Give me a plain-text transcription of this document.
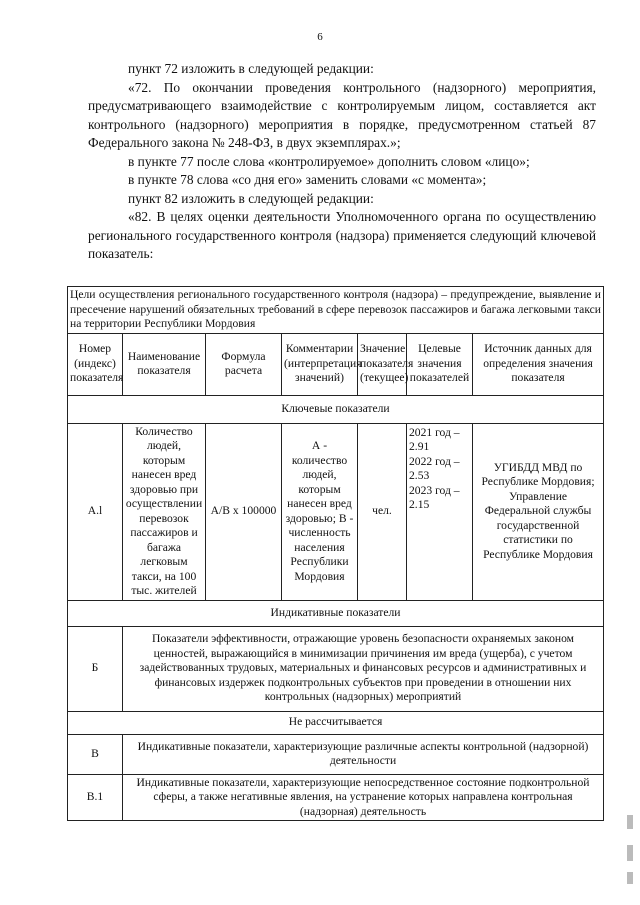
6

пункт 72 изложить в следующей редакции:

«72. По окончании проведения контрольного (надзорного) мероприятия, предусматривающего взаимодействие с контролируемым лицом, составляется акт контрольного (надзорного) мероприятия в порядке, предусмотренном статьей 87 Федерального закона № 248-ФЗ, в двух экземплярах.»;

в пункте 77 после слова «контролируемое» дополнить словом «лицо»;

в пункте 78 слова «со дня его» заменить словами «с момента»;

пункт 82 изложить в следующей редакции:

«82. В целях оценки деятельности Уполномоченного органа по осуществлению регионального государственного контроля (надзора) применяется следующий ключевой показатель:

Цели осуществления регионального государственного контроля (надзора) – предупреждение, выявление и пресечение нарушений обязательных требований в сфере перевозок пассажиров и багажа легковыми такси на территории Республики Мордовия						
Номер (индекс) показателя	Наименование показателя	Формула расчета	Комментарии (интерпретация значений)	Значение показателя (текущее)	Целевые значения показателей	Источник данных для определения значения показателя
Ключевые показатели						
А.l	Количество людей, которым нанесен вред здоровью при осуществлении перевозок пассажиров и багажа легковым такси, на 100 тыс. жителей	А/В х 100000	А - количество людей, которым нанесен вред здоровью; В - численность населения Республики Мордовия	чел.	2021 год – 2.91
2022 год – 2.53
2023 год – 2.15	УГИБДД МВД по Республике Мордовия; Управление Федеральной службы государственной статистики по Республике Мордовия
Индикативные показатели						
Б	Показатели эффективности, отражающие уровень безопасности охраняемых законом ценностей, выражающийся в минимизации причинения им вреда (ущерба), с учетом задействованных трудовых, материальных и финансовых ресурсов и административных и финансовых издержек подконтрольных субъектов при проведении в отношении них контрольных (надзорных) мероприятий					
Не рассчитывается						
В	Индикативные показатели, характеризующие различные аспекты контрольной (надзорной) деятельности					
В.1	Индикативные показатели, характеризующие непосредственное состояние подконтрольной сферы, а также негативные явления, на устранение которых направлена контрольная (надзорная) деятельность					
